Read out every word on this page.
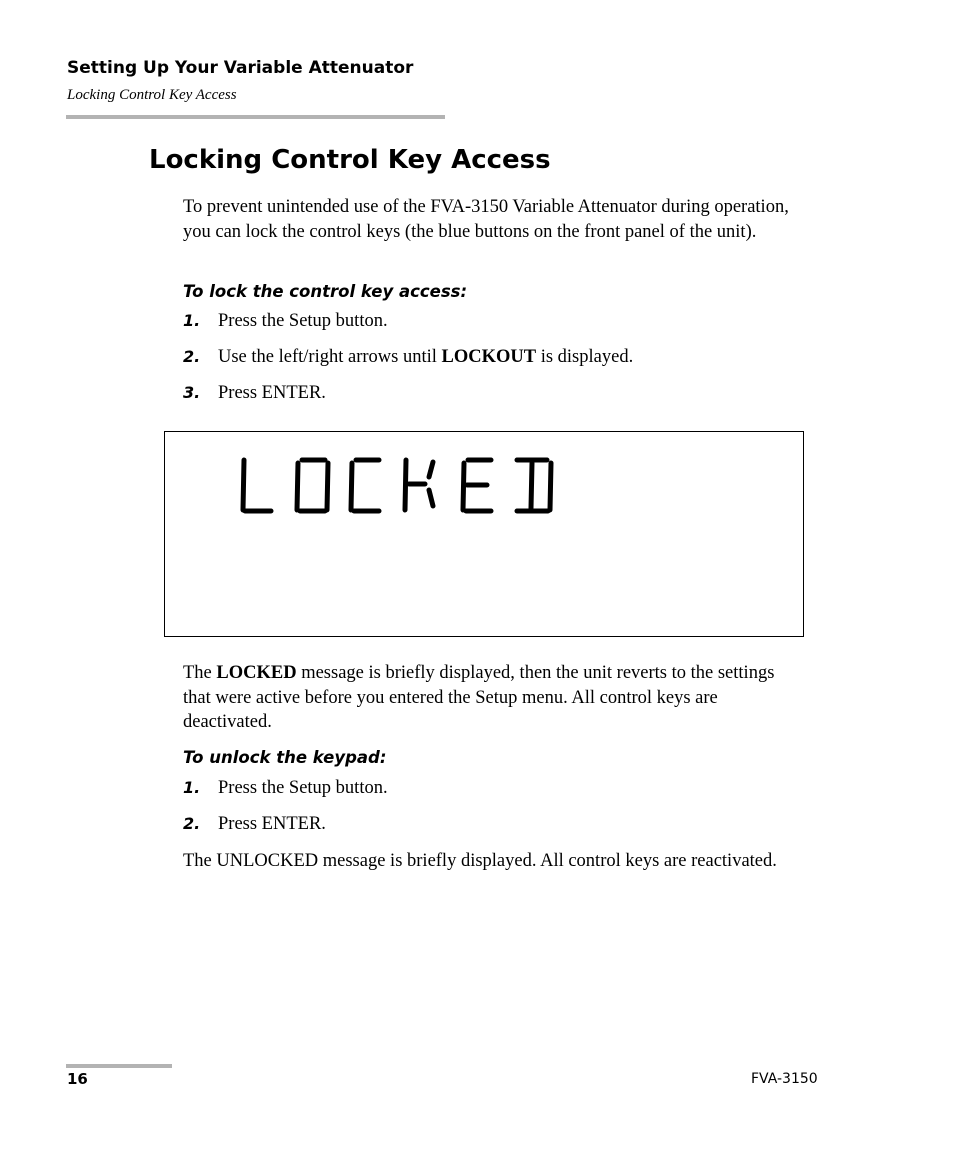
Setting Up Your Variable Attenuator
Locking Control Key Access
Locking Control Key Access
To prevent unintended use of the FVA-3150 Variable Attenuator during operation, you can lock the control keys (the blue buttons on the front panel of the unit).
To lock the control key access:
1. Press the Setup button.
2. Use the left/right arrows until LOCKOUT is displayed.
3. Press ENTER.
The LOCKED message is briefly displayed, then the unit reverts to the settings that were active before you entered the Setup menu. All control keys are deactivated.
To unlock the keypad:
1. Press the Setup button.
2. Press ENTER.
The UNLOCKED message is briefly displayed. All control keys are reactivated.
16	FVA-3150
